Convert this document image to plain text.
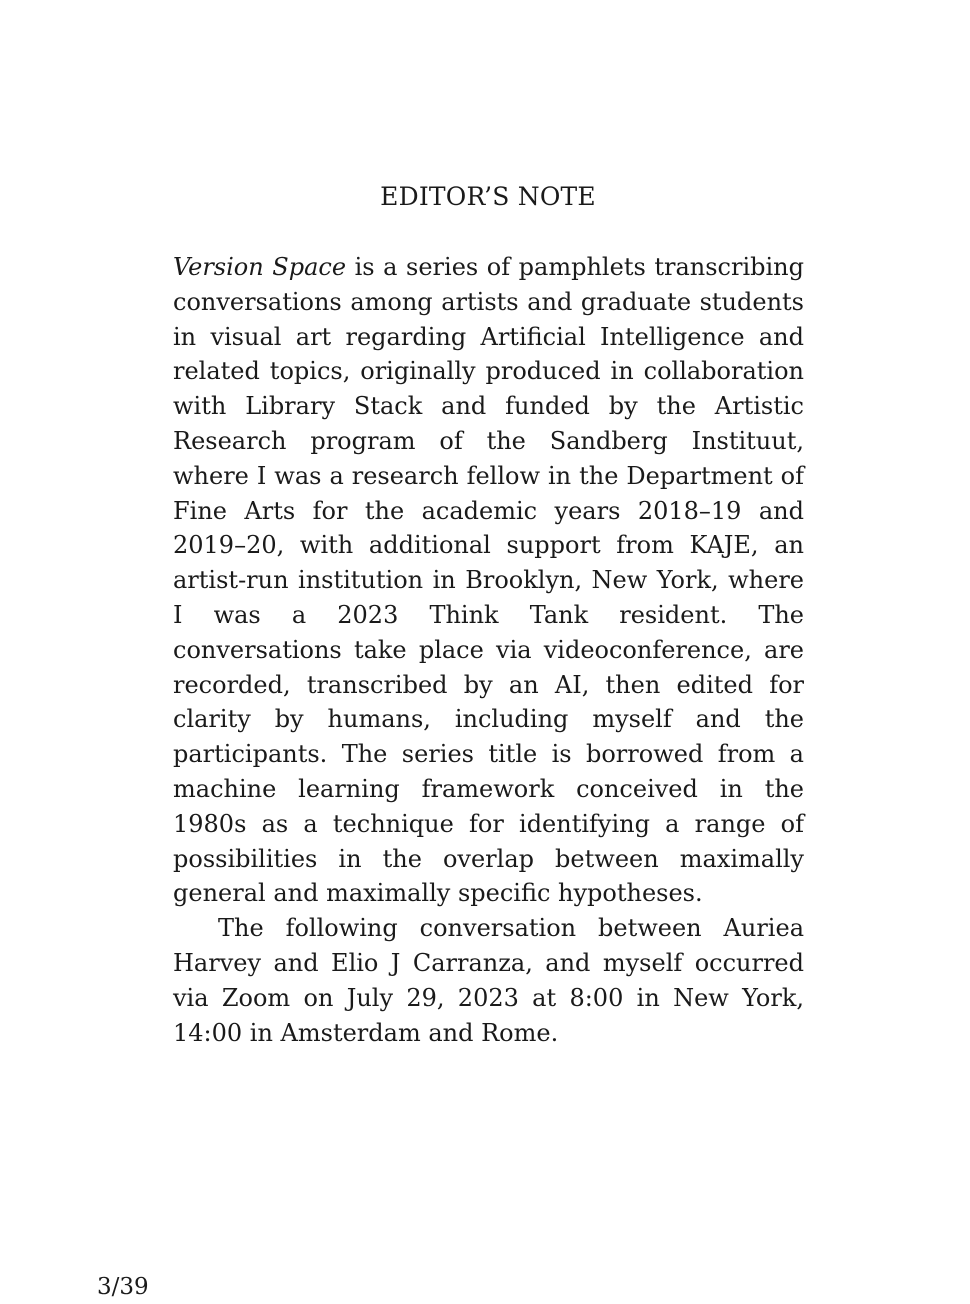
EDITOR’S NOTE

Version Space is a series of pamphlets transcribing conversations among artists and graduate students in visual art regarding Artificial Intelligence and related topics, originally produced in collaboration with Library Stack and funded by the Artistic Research program of the Sandberg Instituut, where I was a research fellow in the Department of Fine Arts for the academic years 2018–19 and 2019–20, with additional support from KAJE, an artist-run institution in Brooklyn, New York, where I was a 2023 Think Tank resident. The conversations take place via videoconference, are recorded, transcribed by an AI, then edited for clarity by humans, including myself and the participants. The series title is borrowed from a machine learning framework conceived in the 1980s as a technique for identifying a range of possibilities in the overlap between maximally general and maximally specific hypotheses.

The following conversation between Auriea Harvey and Elio J Carranza, and myself occurred via Zoom on July 29, 2023 at 8:00 in New York, 14:00 in Amsterdam and Rome.

3/39
